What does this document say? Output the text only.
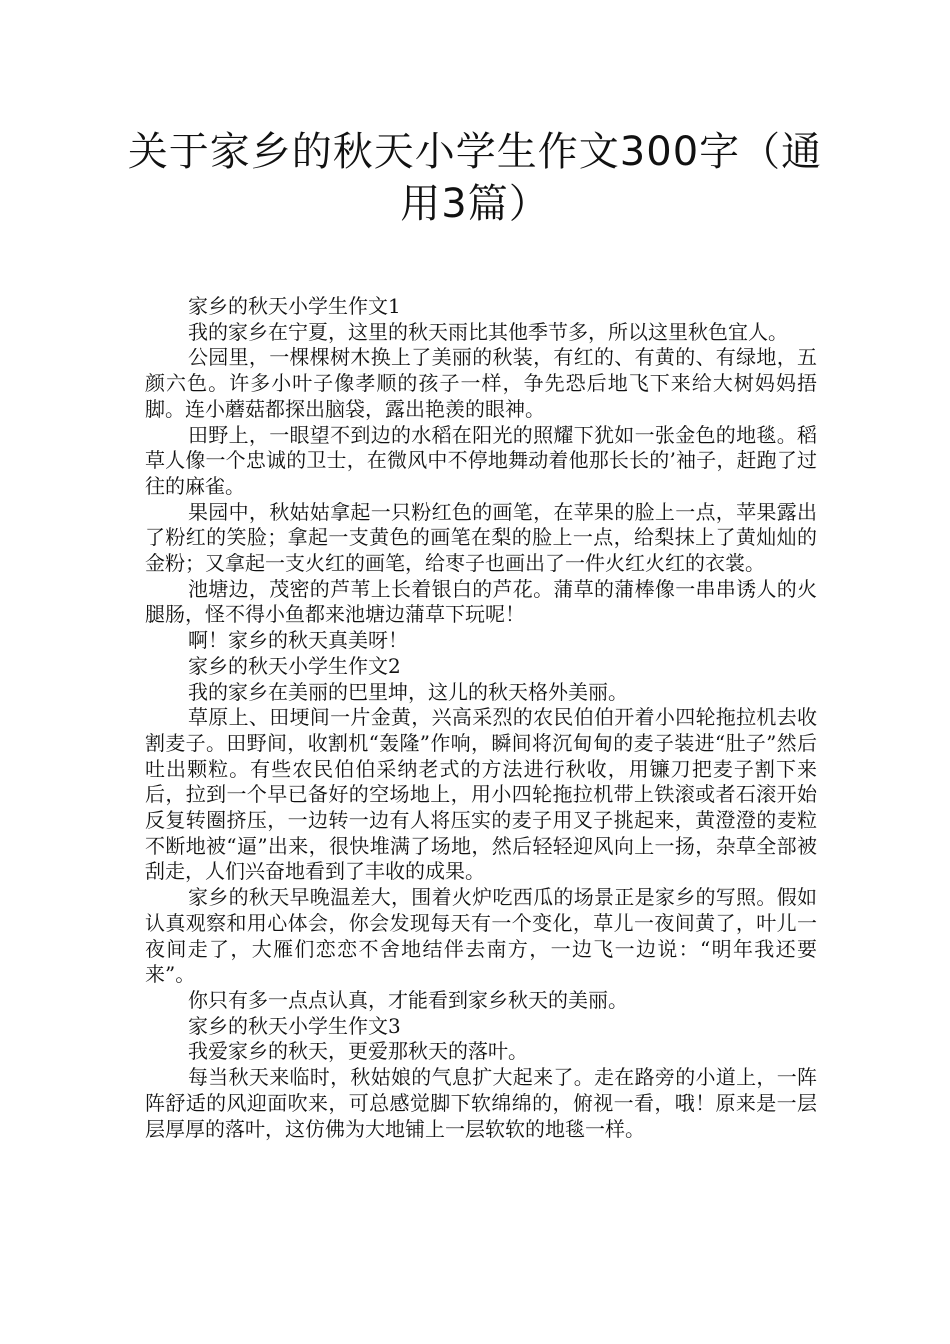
关于家乡的秋天小学生作文300字（通用3篇）

家乡的秋天小学生作文1

我的家乡在宁夏，这里的秋天雨比其他季节多，所以这里秋色宜人。

公园里，一棵棵树木换上了美丽的秋装，有红的、有黄的、有绿地，五颜六色。许多小叶子像孝顺的孩子一样，争先恐后地飞下来给大树妈妈捂脚。连小蘑菇都探出脑袋，露出艳羡的眼神。

田野上，一眼望不到边的水稻在阳光的照耀下犹如一张金色的地毯。稻草人像一个忠诚的卫士，在微风中不停地舞动着他那长长的’袖子，赶跑了过往的麻雀。

果园中，秋姑姑拿起一只粉红色的画笔，在苹果的脸上一点，苹果露出了粉红的笑脸；拿起一支黄色的画笔在梨的脸上一点，给梨抹上了黄灿灿的金粉；又拿起一支火红的画笔，给枣子也画出了一件火红火红的衣裳。

池塘边，茂密的芦苇上长着银白的芦花。蒲草的蒲棒像一串串诱人的火腿肠，怪不得小鱼都来池塘边蒲草下玩呢！

啊！家乡的秋天真美呀！

家乡的秋天小学生作文2

我的家乡在美丽的巴里坤，这儿的秋天格外美丽。

草原上、田埂间一片金黄，兴高采烈的农民伯伯开着小四轮拖拉机去收割麦子。田野间，收割机“轰隆”作响，瞬间将沉甸甸的麦子装进“肚子”然后吐出颗粒。有些农民伯伯采纳老式的方法进行秋收，用镰刀把麦子割下来后，拉到一个早已备好的空场地上，用小四轮拖拉机带上铁滚或者石滚开始反复转圈挤压，一边转一边有人将压实的麦子用叉子挑起来，黄澄澄的麦粒不断地被“逼”出来，很快堆满了场地，然后轻轻迎风向上一扬，杂草全部被刮走，人们兴奋地看到了丰收的成果。

家乡的秋天早晚温差大，围着火炉吃西瓜的场景正是家乡的写照。假如认真观察和用心体会，你会发现每天有一个变化，草儿一夜间黄了，叶儿一夜间走了，大雁们恋恋不舍地结伴去南方，一边飞一边说：“明年我还要来”。

你只有多一点点认真，才能看到家乡秋天的美丽。

家乡的秋天小学生作文3

我爱家乡的秋天，更爱那秋天的落叶。

每当秋天来临时，秋姑娘的气息扩大起来了。走在路旁的小道上，一阵阵舒适的风迎面吹来，可总感觉脚下软绵绵的，俯视一看，哦！原来是一层层厚厚的落叶，这仿佛为大地铺上一层软软的地毯一样。
